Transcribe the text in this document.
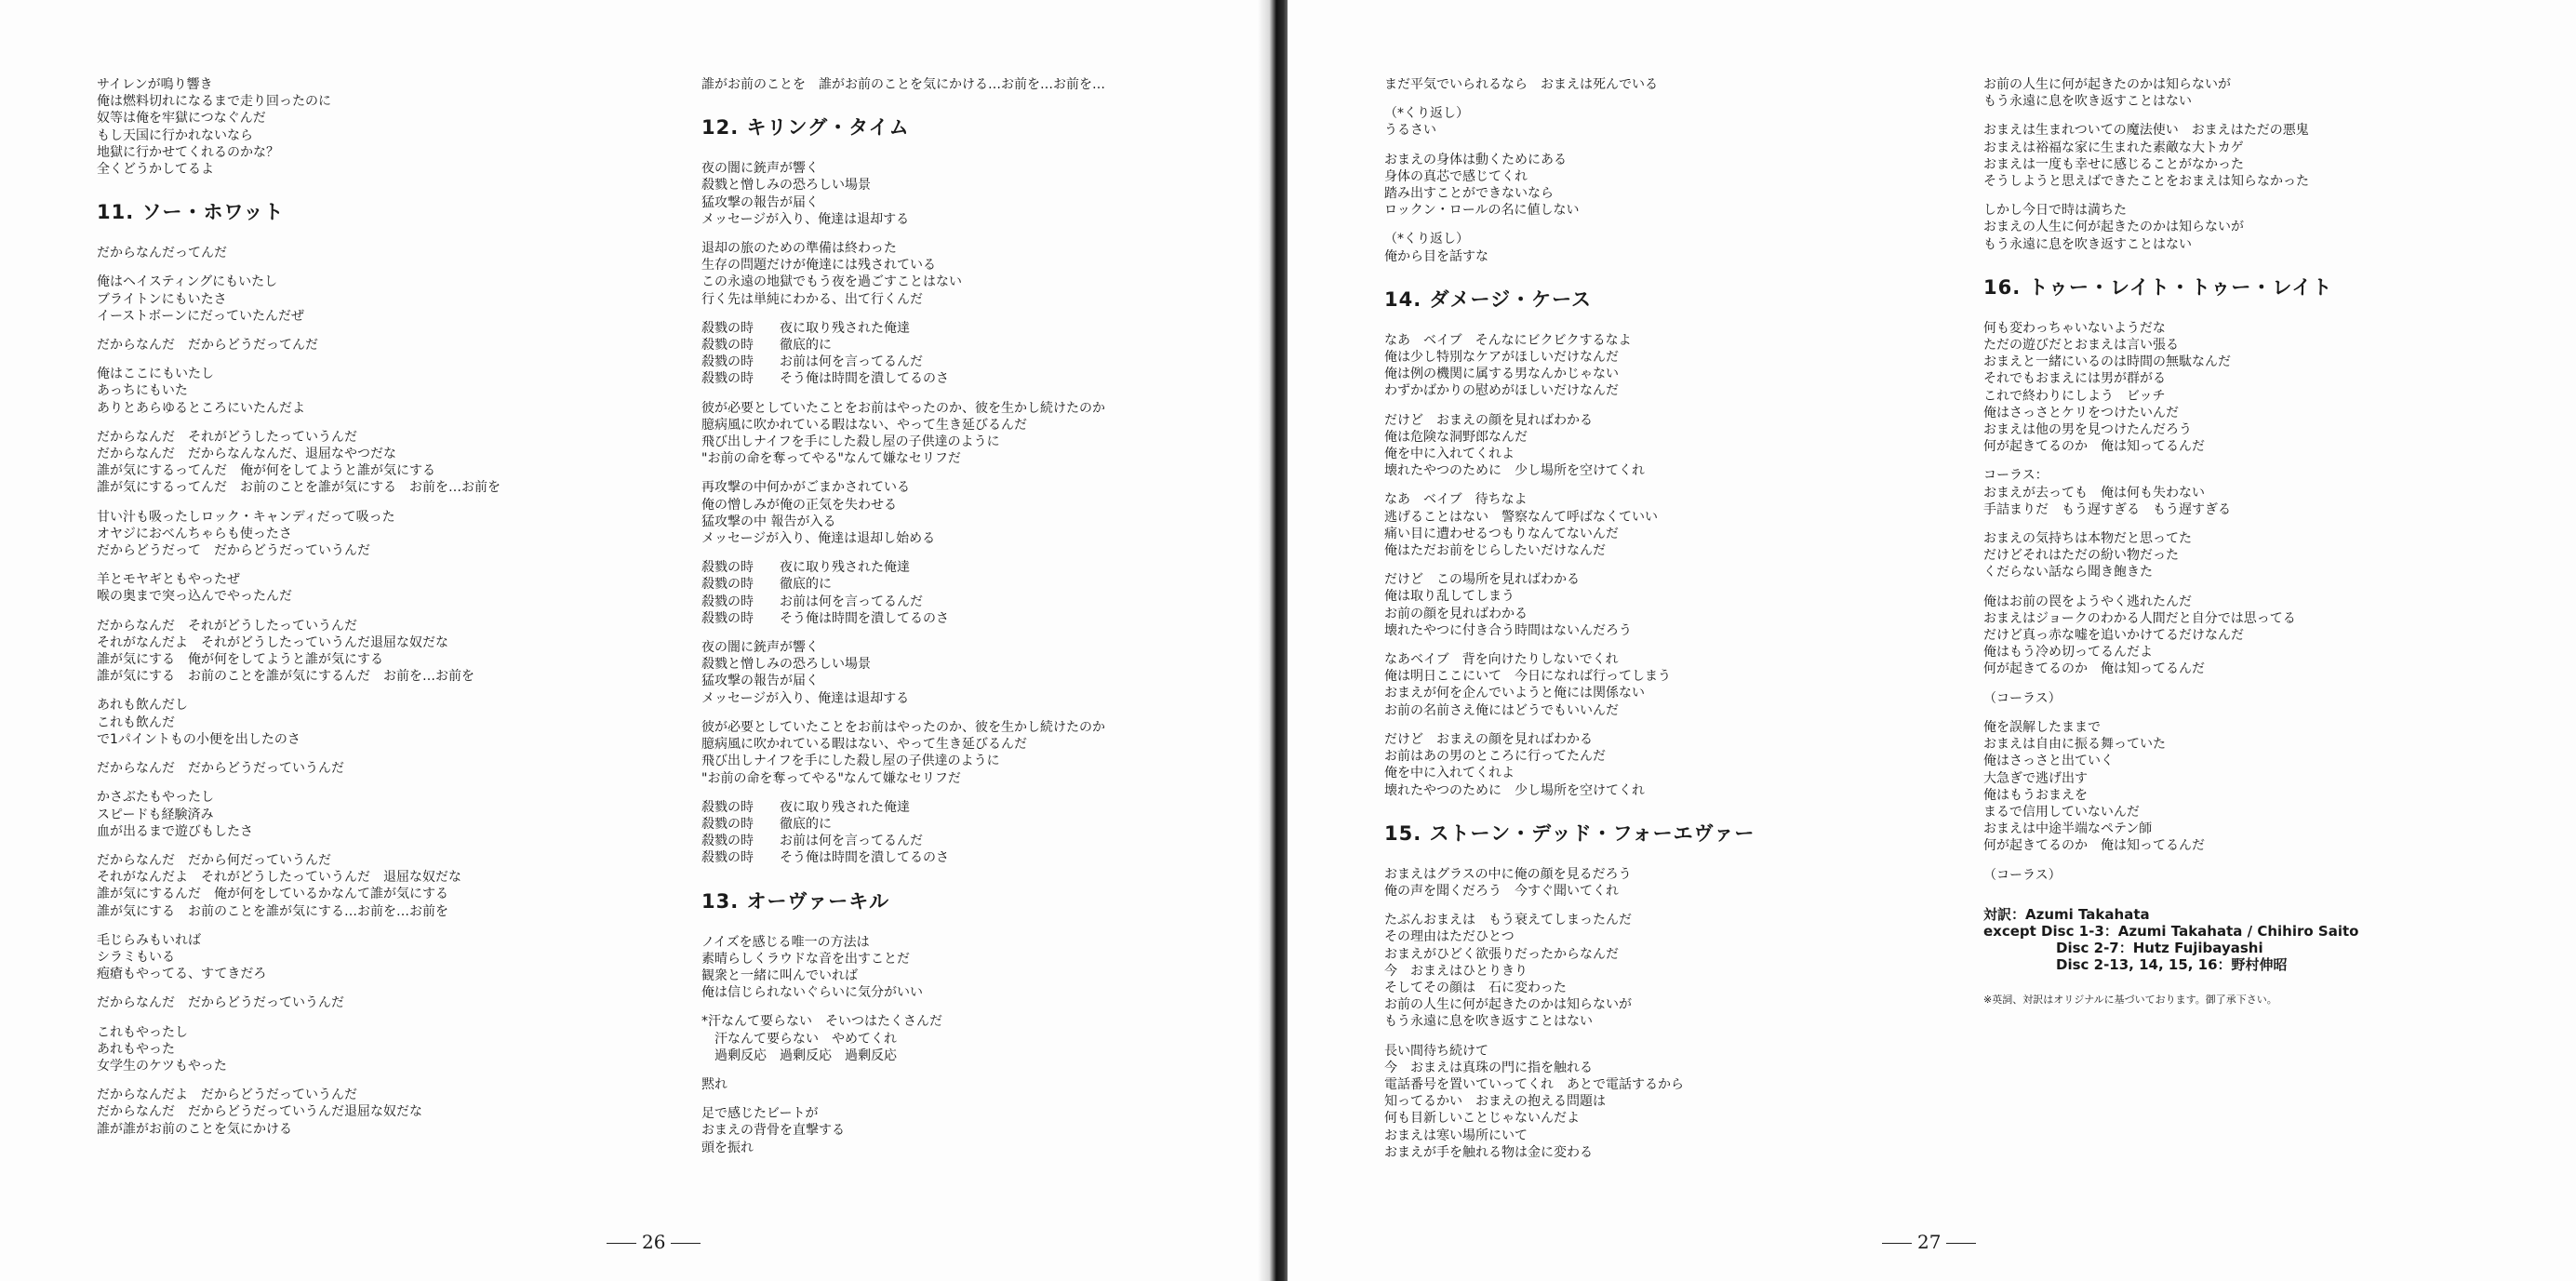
サイレンが鳴り響き
俺は燃料切れになるまで走り回ったのに
奴等は俺を牢獄につなぐんだ
もし天国に行かれないなら
地獄に行かせてくれるのかな？
全くどうかしてるよ
11. ソー・ホワット
だからなんだってんだ
俺はヘイスティングにもいたし
ブライトンにもいたさ
イーストボーンにだっていたんだぜ
だからなんだ　だからどうだってんだ
俺はここにもいたし
あっちにもいた
ありとあらゆるところにいたんだよ
だからなんだ　それがどうしたっていうんだ
だからなんだ　だからなんなんだ、退屈なやつだな
誰が気にするってんだ　俺が何をしてようと誰が気にする
誰が気にするってんだ　お前のことを誰が気にする　お前を…お前を
甘い汁も吸ったしロック・キャンディだって吸った
オヤジにおべんちゃらも使ったさ
だからどうだって　だからどうだっていうんだ
羊とモヤギともやったぜ
喉の奥まで突っ込んでやったんだ
だからなんだ　それがどうしたっていうんだ
それがなんだよ　それがどうしたっていうんだ退屈な奴だな
誰が気にする　俺が何をしてようと誰が気にする
誰が気にする　お前のことを誰が気にするんだ　お前を…お前を
あれも飲んだし
これも飲んだ
で1パイントもの小便を出したのさ
だからなんだ　だからどうだっていうんだ
かさぶたもやったし
スピードも経験済み
血が出るまで遊びもしたさ
だからなんだ　だから何だっていうんだ
それがなんだよ　それがどうしたっていうんだ　退屈な奴だな
誰が気にするんだ　俺が何をしているかなんて誰が気にする
誰が気にする　お前のことを誰が気にする…お前を…お前を
毛じらみもいれば
シラミもいる
疱瘡もやってる、すてきだろ
だからなんだ　だからどうだっていうんだ
これもやったし
あれもやった
女学生のケツもやった
だからなんだよ　だからどうだっていうんだ
だからなんだ　だからどうだっていうんだ退屈な奴だな
誰が誰がお前のことを気にかける
誰がお前のことを　誰がお前のことを気にかける…お前を…お前を…
12. キリング・タイム
夜の闇に銃声が響く
殺戮と憎しみの恐ろしい場景
猛攻撃の報告が届く
メッセージが入り、俺達は退却する
退却の旅のための準備は終わった
生存の問題だけが俺達には残されている
この永遠の地獄でもう夜を過ごすことはない
行く先は単純にわかる、出て行くんだ
殺戮の時　　夜に取り残された俺達
殺戮の時　　徹底的に
殺戮の時　　お前は何を言ってるんだ
殺戮の時　　そう俺は時間を潰してるのさ
彼が必要としていたことをお前はやったのか、彼を生かし続けたのか
臆病風に吹かれている暇はない、やって生き延びるんだ
飛び出しナイフを手にした殺し屋の子供達のように
"お前の命を奪ってやる"なんて嫌なセリフだ
再攻撃の中何かがごまかされている
俺の憎しみが俺の正気を失わせる
猛攻撃の中 報告が入る
メッセージが入り、俺達は退却し始める
殺戮の時　　夜に取り残された俺達
殺戮の時　　徹底的に
殺戮の時　　お前は何を言ってるんだ
殺戮の時　　そう俺は時間を潰してるのさ
夜の闇に銃声が響く
殺戮と憎しみの恐ろしい場景
猛攻撃の報告が届く
メッセージが入り、俺達は退却する
彼が必要としていたことをお前はやったのか、彼を生かし続けたのか
臆病風に吹かれている暇はない、やって生き延びるんだ
飛び出しナイフを手にした殺し屋の子供達のように
"お前の命を奪ってやる"なんて嫌なセリフだ
殺戮の時　　夜に取り残された俺達
殺戮の時　　徹底的に
殺戮の時　　お前は何を言ってるんだ
殺戮の時　　そう俺は時間を潰してるのさ
13. オーヴァーキル
ノイズを感じる唯一の方法は
素晴らしくラウドな音を出すことだ
観衆と一緒に叫んでいれば
俺は信じられないぐらいに気分がいい
*汗なんて要らない　そいつはたくさんだ
　汗なんて要らない　やめてくれ
　過剰反応　過剰反応　過剰反応
黙れ
足で感じたビートが
おまえの背骨を直撃する
頭を振れ
26
まだ平気でいられるなら　おまえは死んでいる
（*くり返し）
うるさい
おまえの身体は動くためにある
身体の真芯で感じてくれ
踏み出すことができないなら
ロックン・ロールの名に値しない
（*くり返し）
俺から目を話すな
14. ダメージ・ケース
なあ　ベイブ　そんなにビクビクするなよ
俺は少し特別なケアがほしいだけなんだ
俺は例の機関に属する男なんかじゃない
わずかばかりの慰めがほしいだけなんだ
だけど　おまえの顔を見ればわかる
俺は危険な洞野郎なんだ
俺を中に入れてくれよ
壊れたやつのために　少し場所を空けてくれ
なあ　ベイブ　待ちなよ
逃げることはない　警察なんて呼ばなくていい
痛い目に遭わせるつもりなんてないんだ
俺はただお前をじらしたいだけなんだ
だけど　この場所を見ればわかる
俺は取り乱してしまう
お前の顔を見ればわかる
壊れたやつに付き合う時間はないんだろう
なあベイブ　背を向けたりしないでくれ
俺は明日ここにいて　今日になれば行ってしまう
おまえが何を企んでいようと俺には関係ない
お前の名前さえ俺にはどうでもいいんだ
だけど　おまえの顔を見ればわかる
お前はあの男のところに行ってたんだ
俺を中に入れてくれよ
壊れたやつのために　少し場所を空けてくれ
15. ストーン・デッド・フォーエヴァー
おまえはグラスの中に俺の顔を見るだろう
俺の声を聞くだろう　今すぐ聞いてくれ
たぶんおまえは　もう衰えてしまったんだ
その理由はただひとつ
おまえがひどく欲張りだったからなんだ
今　おまえはひとりきり
そしてその顔は　石に変わった
お前の人生に何が起きたのかは知らないが
もう永遠に息を吹き返すことはない
長い間待ち続けて
今　おまえは真珠の門に指を触れる
電話番号を置いていってくれ　あとで電話するから
知ってるかい　おまえの抱える問題は
何も目新しいことじゃないんだよ
おまえは寒い場所にいて
おまえが手を触れる物は金に変わる
お前の人生に何が起きたのかは知らないが
もう永遠に息を吹き返すことはない
おまえは生まれついての魔法使い　おまえはただの悪鬼
おまえは裕福な家に生まれた素敵な大トカゲ
おまえは一度も幸せに感じることがなかった
そうしようと思えばできたことをおまえは知らなかった
しかし今日で時は満ちた
おまえの人生に何が起きたのかは知らないが
もう永遠に息を吹き返すことはない
16. トゥー・レイト・トゥー・レイト
何も変わっちゃいないようだな
ただの遊びだとおまえは言い張る
おまえと一緒にいるのは時間の無駄なんだ
それでもおまえには男が群がる
これで終わりにしよう　ビッチ
俺はさっさとケリをつけたいんだ
おまえは他の男を見つけたんだろう
何が起きてるのか　俺は知ってるんだ
コーラス：
おまえが去っても　俺は何も失わない
手詰まりだ　もう遅すぎる　もう遅すぎる
おまえの気持ちは本物だと思ってた
だけどそれはただの紛い物だった
くだらない話なら聞き飽きた
俺はお前の罠をようやく逃れたんだ
おまえはジョークのわかる人間だと自分では思ってる
だけど真っ赤な嘘を追いかけてるだけなんだ
俺はもう冷め切ってるんだよ
何が起きてるのか　俺は知ってるんだ
（コーラス）
俺を誤解したままで
おまえは自由に振る舞っていた
俺はさっさと出ていく
大急ぎで逃げ出す
俺はもうおまえを
まるで信用していないんだ
おまえは中途半端なペテン師
何が起きてるのか　俺は知ってるんだ
（コーラス）
対訳：Azumi Takahata
except Disc 1-3：Azumi Takahata / Chihiro Saito
Disc 2-7：Hutz Fujibayashi
Disc 2-13, 14, 15, 16：野村伸昭
※英詞、対訳はオリジナルに基づいております。御了承下さい。
27
